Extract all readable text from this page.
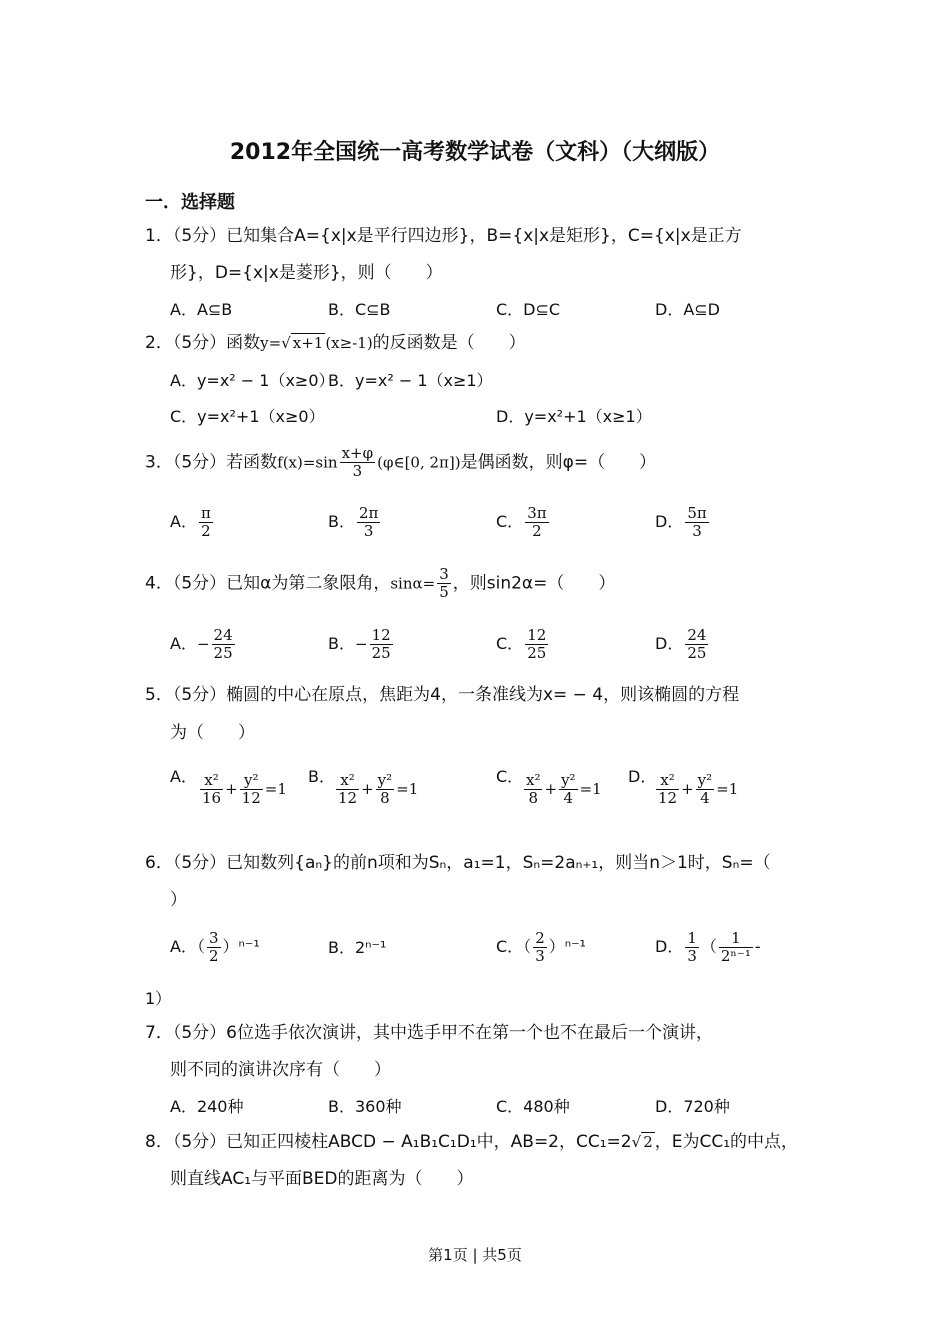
2012年全国统一高考数学试卷（文科）（大纲版）
一．选择题
1．（5分）已知集合A={x|x是平行四边形}，B={x|x是矩形}，C={x|x是正方
形}，D={x|x是菱形}，则（　　）
A．A⊆B	B．C⊆B	C．D⊆C	D．A⊆D
2．（5分）函数y=√ x+1 (x≥-1)的反函数是（　　）
A．y=x² − 1（x≥0）
B．y=x² − 1（x≥1）
C．y=x²+1（x≥0）	D．y=x²+1（x≥1）
3．（5分）若函数$f(x)=\sin \frac{x+\varphi}{3}$ (φ∈[0, 2π])是偶函数，则φ=（　　）
A． $\frac{\pi}{2}$	B． $\frac{2\pi}{3}$	C． $\frac{3\pi}{2}$	D． $\frac{5\pi}{3}$
4．（5分）已知α为第二象限角，$\sin\alpha= \frac{3}{5}$ ，则sin2α=（　　）
A．− $\frac{24}{25}$	B．− $\frac{12}{25}$	C． $\frac{12}{25}$	D． $\frac{24}{25}$
5．（5分）椭圆的中心在原点，焦距为4，一条准线为x= − 4，则该椭圆的方程
为（　　）
A． $\frac{\text{x²}}{16} + \frac{\text{y²}}{12} =1$
B． $\frac{\text{x²}}{12} + \frac{\text{y²}}{8} =1$
C． $\frac{\text{x²}}{8} + \frac{\text{y²}}{4} =1$
D． $\frac{\text{x²}}{12} + \frac{\text{y²}}{4} =1$
6．（5分）已知数列{aₙ}的前n项和为Sₙ，a₁=1，Sₙ=2aₙ₊₁，则当n＞1时，Sₙ=（
）
A．（ $\frac{3}{2} )^{n-1}$	B．2ⁿ⁻¹	C．（ $\frac{2}{3} )^{n-1}$	D． $\frac{1}{3}$ （ $\frac{1}{\text{2ⁿ⁻¹}}$ -
1）
7．（5分）6位选手依次演讲，其中选手甲不在第一个也不在最后一个演讲，
则不同的演讲次序有（　　）
A．240种	B．360种	C．480种	D．720种
8．（5分）已知正四棱柱ABCD − A₁B₁C₁D₁中，AB=2，CC₁=2√ 2 ，E为CC₁的中点，
则直线AC₁与平面BED的距离为（　　）
第1页 | 共5页
